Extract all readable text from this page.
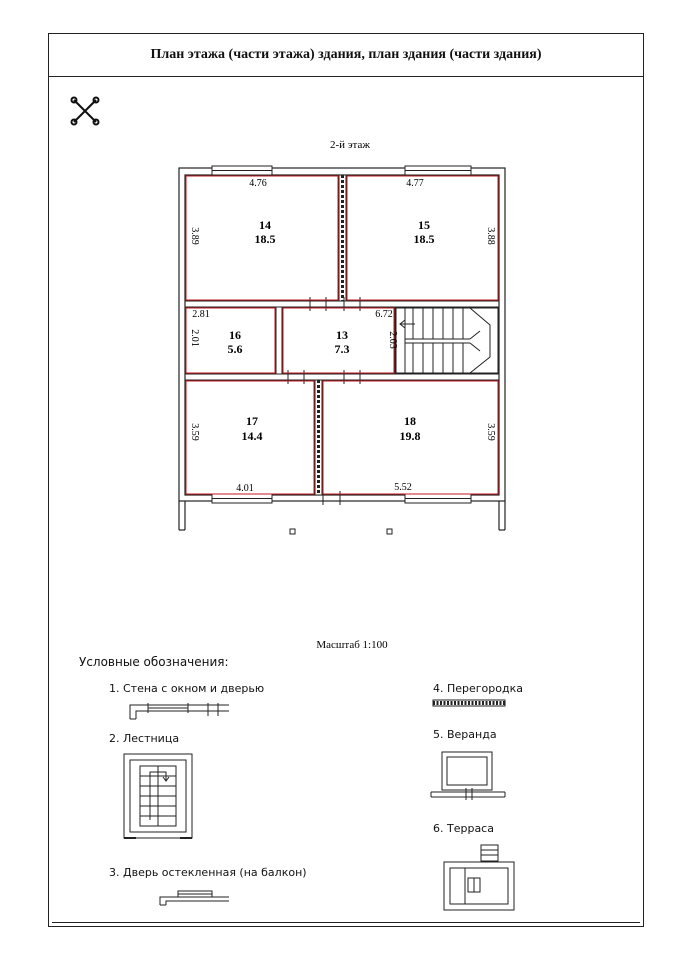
План этажа (части этажа) здания, план здания (части здания)
2-й этаж
14
18.5
15
18.5
16
5.6
13
7.3
17
14.4
18
19.8
4.76	4.77
3.89	3.88
2.81
2.01
6.72
2.03
3.59	3.59
4.01	5.52
Масштаб 1:100
Условные обозначения:
1. Стена с окном и дверью
2. Лестница
3. Дверь остекленная (на балкон)
4. Перегородка
5. Веранда
6. Терраса
